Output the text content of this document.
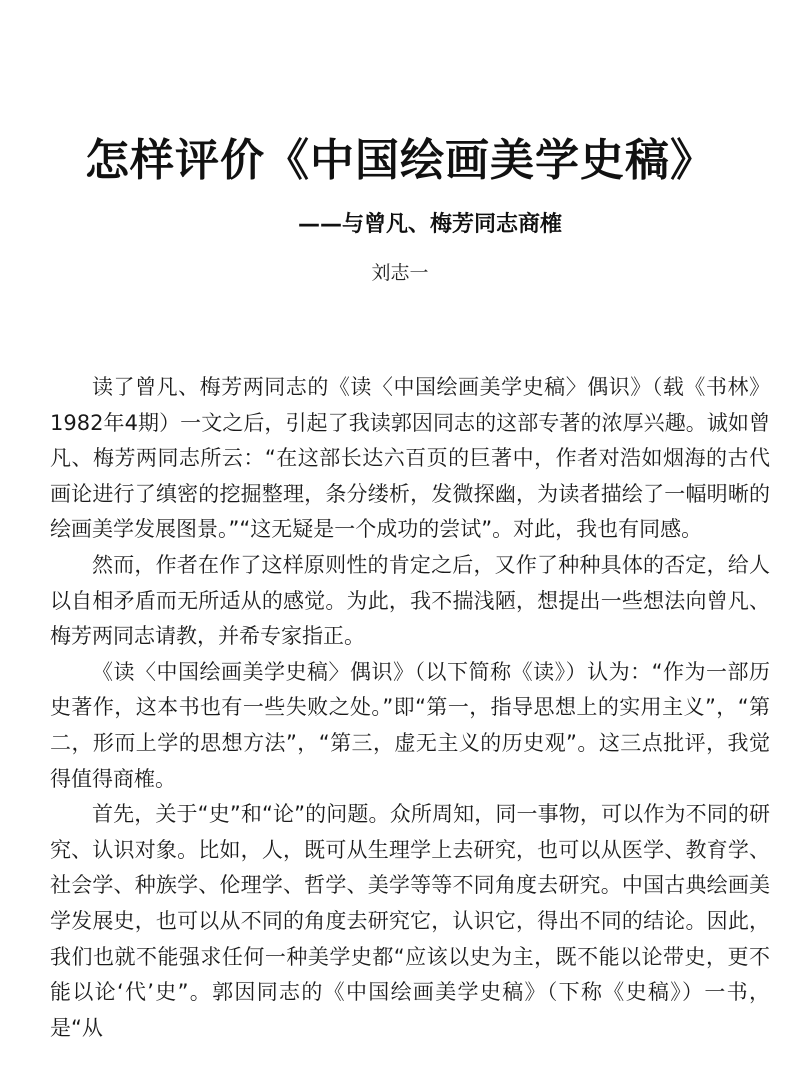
怎样评价《中国绘画美学史稿》
——与曾凡、梅芳同志商榷
刘志一

读了曾凡、梅芳两同志的《读〈中国绘画美学史稿〉偶识》（载《书林》1982年4期）一文之后，引起了我读郭因同志的这部专著的浓厚兴趣。诚如曾凡、梅芳两同志所云：“在这部长达六百页的巨著中，作者对浩如烟海的古代画论进行了缜密的挖掘整理，条分缕析，发微探幽，为读者描绘了一幅明晰的绘画美学发展图景。”“这无疑是一个成功的尝试”。对此，我也有同感。

然而，作者在作了这样原则性的肯定之后，又作了种种具体的否定，给人以自相矛盾而无所适从的感觉。为此，我不揣浅陋，想提出一些想法向曾凡、梅芳两同志请教，并希专家指正。

《读〈中国绘画美学史稿〉偶识》（以下简称《读》）认为：“作为一部历史著作，这本书也有一些失败之处。”即“第一，指导思想上的实用主义”，“第二，形而上学的思想方法”，“第三，虚无主义的历史观”。这三点批评，我觉得值得商榷。

首先，关于“史”和“论”的问题。众所周知，同一事物，可以作为不同的研究、认识对象。比如，人，既可从生理学上去研究，也可以从医学、教育学、社会学、种族学、伦理学、哲学、美学等等不同角度去研究。中国古典绘画美学发展史，也可以从不同的角度去研究它，认识它，得出不同的结论。因此，我们也就不能强求任何一种美学史都“应该以史为主，既不能以论带史，更不能以论‘代’史”。郭因同志的《中国绘画美学史稿》（下称《史稿》）一书，是“从
